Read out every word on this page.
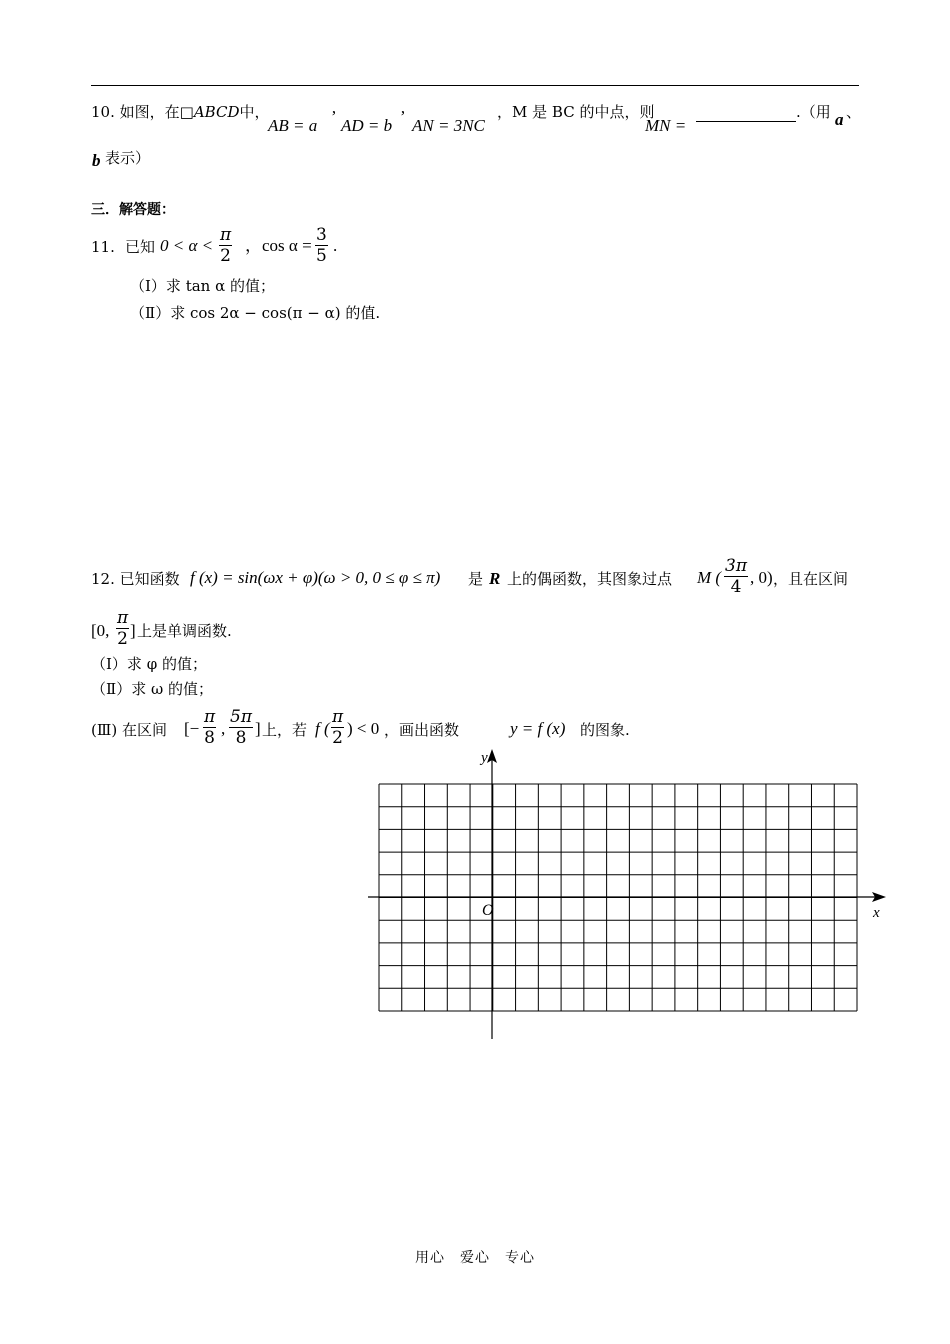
10. 如图，在□ABCD中，
AB = a ’ AD = b ’ AN = 3NC
，M 是 BC 的中点，则
MN =
.（用 a 、
b 表示）
三．解答题：
11. 已知 $0 < \alpha < \frac{\pi}{2}$ ，$\cos \alpha = \frac{3}{5}$ .
（Ⅰ）求 tan α 的值；
（Ⅱ）求 cos 2α − cos(π − α) 的值.
12. 已知函数 f (x) = sin(ωx + φ)(ω > 0, 0 ≤ φ ≤ π) 是 R 上的偶函数，其图象过点 M ( $\frac{3\pi}{4}$ , 0) ，且在区间
[0, $\frac{\pi}{2}$ ] 上是单调函数.
（Ⅰ）求 φ 的值；
（Ⅱ）求 ω 的值；
(Ⅲ) 在区间 [− $\frac{\pi}{8}$ , $\frac{5\pi}{8}$ ] 上，若 f ( $\frac{\pi}{2}$ ) < 0 ，画出函数	y = f (x) 的图象.
y
x
O
用心　爱心　专心
